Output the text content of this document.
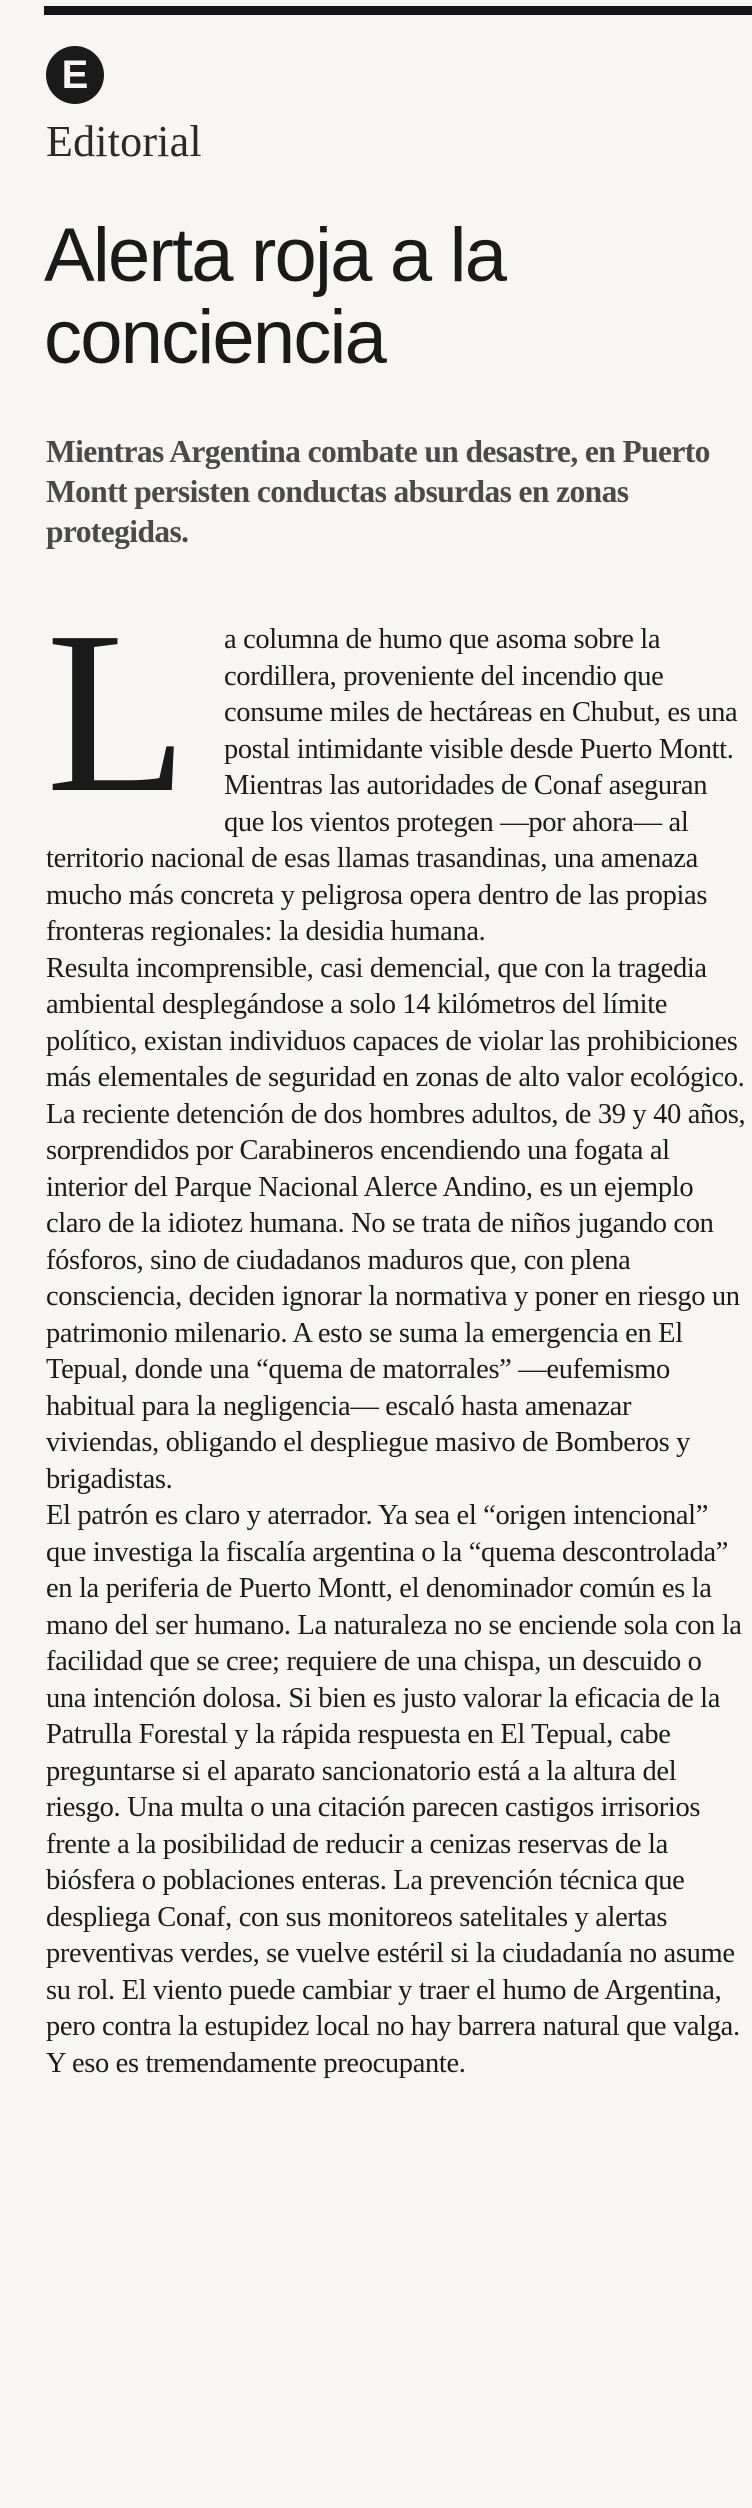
E
Editorial
Alerta roja a la conciencia

Mientras Argentina combate un desastre, en Puerto Montt persisten conductas absurdas en zonas protegidas.

L	a columna de humo que asoma sobre la cordillera, proveniente del incendio que consume miles de hectáreas en Chubut, es una postal intimidante visible desde Puerto Montt. Mientras las autoridades de Conaf aseguran que los vientos protegen —por ahora— al territorio nacional de esas llamas trasandinas, una amenaza mucho más concreta y peligrosa opera dentro de las propias fronteras regionales: la desidia humana.

Resulta incomprensible, casi demencial, que con la tragedia ambiental desplegándose a solo 14 kilómetros del límite político, existan individuos capaces de violar las prohibiciones más elementales de seguridad en zonas de alto valor ecológico. La reciente detención de dos hombres adultos, de 39 y 40 años, sorprendidos por Carabineros encendiendo una fogata al interior del Parque Nacional Alerce Andino, es un ejemplo claro de la idiotez humana. No se trata de niños jugando con fósforos, sino de ciudadanos maduros que, con plena consciencia, deciden ignorar la normativa y poner en riesgo un patrimonio milenario. A esto se suma la emergencia en El Tepual, donde una “quema de matorrales” —eufemismo habitual para la negligencia— escaló hasta amenazar viviendas, obligando el despliegue masivo de Bomberos y brigadistas.

El patrón es claro y aterrador. Ya sea el “origen intencional” que investiga la fiscalía argentina o la “quema descontrolada” en la periferia de Puerto Montt, el denominador común es la mano del ser humano. La naturaleza no se enciende sola con la facilidad que se cree; requiere de una chispa, un descuido o una intención dolosa. Si bien es justo valorar la eficacia de la Patrulla Forestal y la rápida respuesta en El Tepual, cabe preguntarse si el aparato sancionatorio está a la altura del riesgo. Una multa o una citación parecen castigos irrisorios frente a la posibilidad de reducir a cenizas reservas de la biósfera o poblaciones enteras. La prevención técnica que despliega Conaf, con sus monitoreos satelitales y alertas preventivas verdes, se vuelve estéril si la ciudadanía no asume su rol. El viento puede cambiar y traer el humo de Argentina, pero contra la estupidez local no hay barrera natural que valga. Y eso es tremendamente preocupante.
